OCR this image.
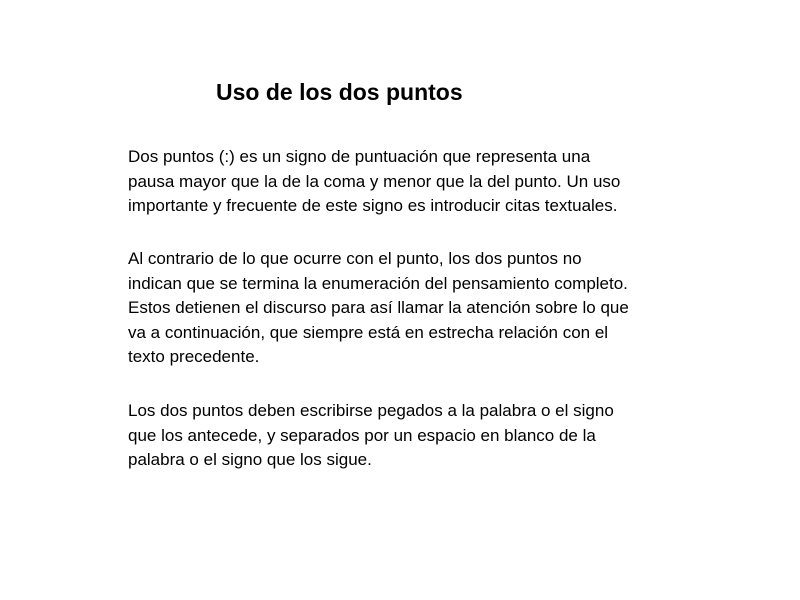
Uso de los dos puntos

Dos puntos (:) es un signo de puntuación que representa una
pausa mayor que la de la coma y menor que la del punto. Un uso
importante y frecuente de este signo es introducir citas textuales.

Al contrario de lo que ocurre con el punto, los dos puntos no
indican que se termina la enumeración del pensamiento completo.
Estos detienen el discurso para así llamar la atención sobre lo que
va a continuación, que siempre está en estrecha relación con el
texto precedente.

Los dos puntos deben escribirse pegados a la palabra o el signo
que los antecede, y separados por un espacio en blanco de la
palabra o el signo que los sigue.
